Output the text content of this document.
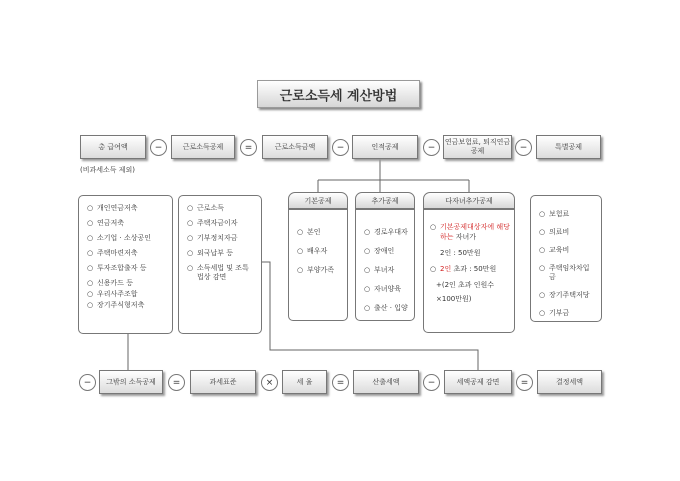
근로소득세 계산방법
총 급여액
(비과세소득 제외)
−	근로소득공제	=	근로소득금액	−	인적공제	−
연금보험료, 퇴직연금공제	−	특별공제
○ 개인연금저축
○ 연금저축
○ 소기업 · 소상공인
○ 주택마련저축
○ 투자조합출자 등
○ 신용카드 등
○ 우리사주조합
○ 장기주식형저축
○ 근로소득
○ 주택자금이자
○ 기부정치자금
○ 외국납부 등
○ 소득세법 및 조특법상 감면
기본공제
○ 본인
○ 배우자
○ 부양가족
추가공제
○ 경로우대자
○ 장애인
○ 부녀자
○ 자녀양육
○ 출산 · 입양
다자녀추가공제
○ 기본공제대상자에 해당하는 자녀가
2인 : 50만원
○ 2인 초과 : 50만원
+(2인 초과 인원수
×100만원)
○ 보험료
○ 의료비
○ 교육비
○ 주택임차차입금
○ 장기주택저당
○ 기부금
−	그밖의 소득공제	=	과세표준	×	세 율	=	산출세액	−	세액공제 감면	=	결정세액
